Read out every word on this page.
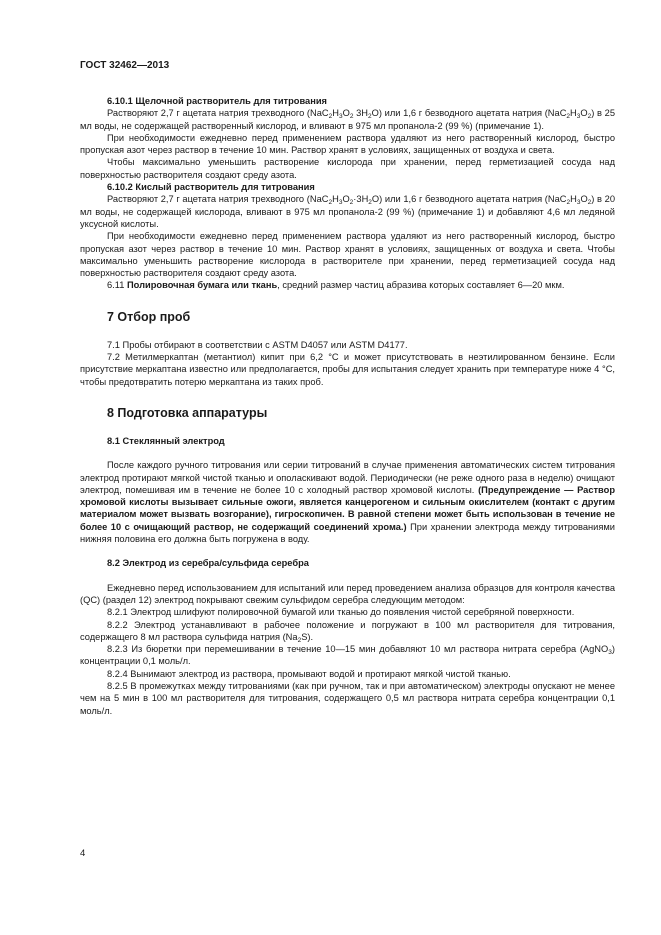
ГОСТ 32462—2013

6.10.1 Щелочной растворитель для титрования

Растворяют 2,7 г ацетата натрия трехводного ($NaC_2H_3O_2$ $3H_2O$) или 1,6 г безводного ацетата натрия $(NaC_2H_3O_2)$ в 25 мл воды, не содержащей растворенный кислород, и вливают в 975 мл пропанола-2 (99 %) (примечание 1).

При необходимости ежедневно перед применением раствора удаляют из него растворенный кислород, быстро пропуская азот через раствор в течение 10 мин. Раствор хранят в условиях, защищенных от воздуха и света.

Чтобы максимально уменьшить растворение кислорода при хранении, перед герметизацией сосуда над поверхностью растворителя создают среду азота.

6.10.2 Кислый растворитель для титрования

Растворяют 2,7 г ацетата натрия трехводного $(NaC_2H_3O_2\cdot 3H_2O)$ или 1,6 г безводного ацетата натрия $(NaC_2H_3O_2)$ в 20 мл воды, не содержащей кислорода, вливают в 975 мл пропанола-2 (99 %) (примечание 1) и добавляют 4,6 мл ледяной уксусной кислоты.

При необходимости ежедневно перед применением раствора удаляют из него растворенный кислород, быстро пропуская азот через раствор в течение 10 мин. Раствор хранят в условиях, защищенных от воздуха и света. Чтобы максимально уменьшить растворение кислорода в растворителе при хранении, перед герметизацией сосуда над поверхностью растворителя создают среду азота.

6.11 Полировочная бумага или ткань, средний размер частиц абразива которых составляет 6—20 мкм.

7 Отбор проб

7.1 Пробы отбирают в соответствии с ASTM D4057 или ASTM D4177.

7.2 Метилмеркаптан (метантиол) кипит при 6,2 °С и может присутствовать в неэтилированном бензине. Если присутствие меркаптана известно или предполагается, пробы для испытания следует хранить при температуре ниже 4 °С, чтобы предотвратить потерю меркаптана из таких проб.

8 Подготовка аппаратуры
8.1 Стеклянный электрод

После каждого ручного титрования или серии титрований в случае применения автоматических систем титрования электрод протирают мягкой чистой тканью и ополаскивают водой. Периодически (не реже одного раза в неделю) очищают электрод, помешивая им в течение не более 10 с холодный раствор хромовой кислоты. (Предупреждение — Раствор хромовой кислоты вызывает сильные ожоги, является канцерогеном и сильным окислителем (контакт с другим материалом может вызвать возгорание), гигроскопичен. В равной степени может быть использован в течение не более 10 с очищающий раствор, не содержащий соединений хрома.) При хранении электрода между титрованиями нижняя половина его должна быть погружена в воду.

8.2 Электрод из серебра/сульфида серебра

Ежедневно перед использованием для испытаний или перед проведением анализа образцов для контроля качества (QC) (раздел 12) электрод покрывают свежим сульфидом серебра следующим методом:

8.2.1 Электрод шлифуют полировочной бумагой или тканью до появления чистой серебряной поверхности.

8.2.2 Электрод устанавливают в рабочее положение и погружают в 100 мл растворителя для титрования, содержащего 8 мл раствора сульфида натрия $(Na_2S)$.

8.2.3 Из бюретки при перемешивании в течение 10—15 мин добавляют 10 мл раствора нитрата серебра (AgNO$_3$) концентрации 0,1 моль/л.

8.2.4 Вынимают электрод из раствора, промывают водой и протирают мягкой чистой тканью.

8.2.5 В промежутках между титрованиями (как при ручном, так и при автоматическом) электроды опускают не менее чем на 5 мин в 100 мл растворителя для титрования, содержащего 0,5 мл раствора нитрата серебра концентрации 0,1 моль/л.

4
